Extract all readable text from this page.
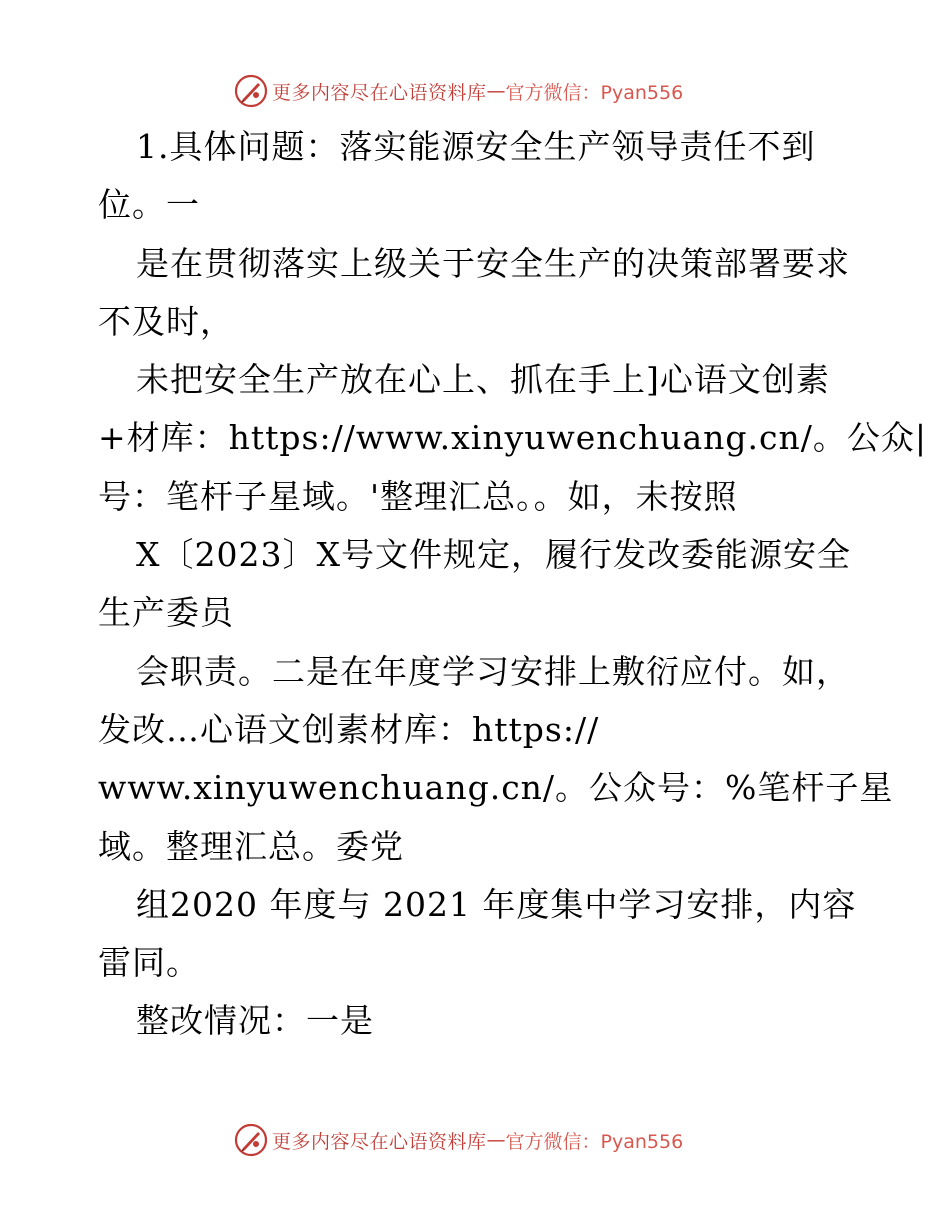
更多内容尽在心语资料库 — 官方微信：Pyan556
1.具体问题：落实能源安全生产领导责任不到
位。一
是在贯彻落实上级关于安全生产的决策部署要求
不及时，
未把安全生产放在心上、抓在手上]心语文创素
+材库：https://www.xinyuwenchuang.cn/。公众|
号：笔杆子星域。'整理汇总。。如，未按照
X〔2023〕X号文件规定，履行发改委能源安全
生产委员
会职责。二是在年度学习安排上敷衍应付。如，
发改…心语文创素材库：https://
www.xinyuwenchuang.cn/。公众号：%笔杆子星
域。整理汇总。委党
组2020 年度与 2021 年度集中学习安排，内容
雷同。
整改情况：一是
更多内容尽在心语资料库 — 官方微信：Pyan556
